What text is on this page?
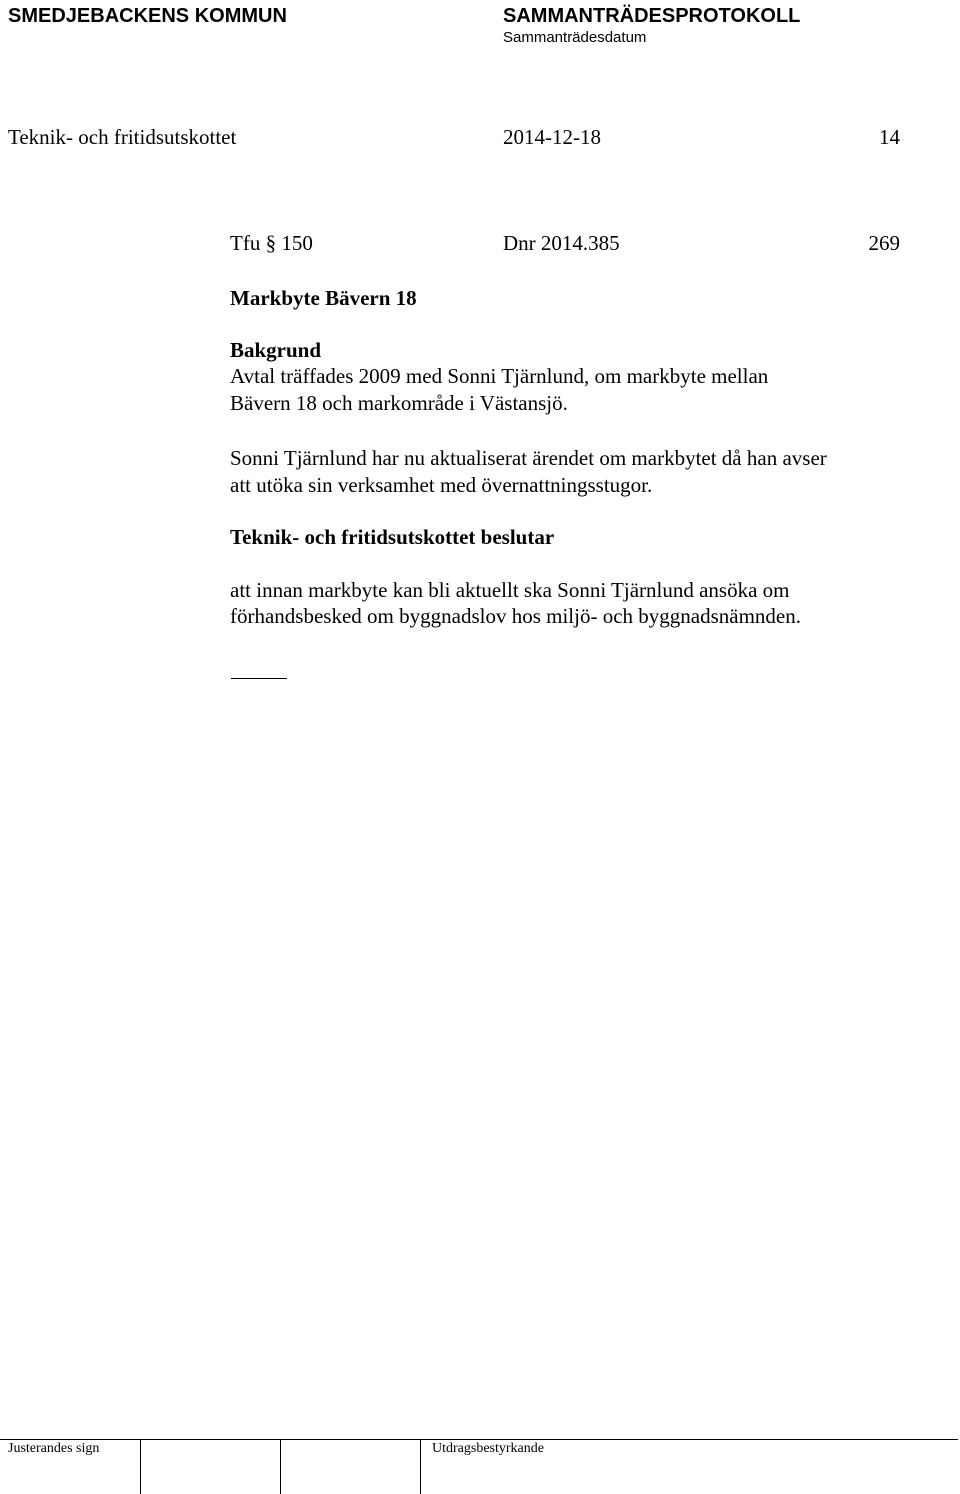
SMEDJEBACKENS KOMMUN	SAMMANTRÄDESPROTOKOLL
Sammanträdesdatum
Teknik- och fritidsutskottet	2014-12-18	14
Tfu § 150	Dnr 2014.385	269
Markbyte Bävern 18
Bakgrund
Avtal träffades 2009 med Sonni Tjärnlund, om markbyte mellan
Bävern 18 och markområde i Västansjö.
Sonni Tjärnlund har nu aktualiserat ärendet om markbytet då han avser
att utöka sin verksamhet med övernattningsstugor.
Teknik- och fritidsutskottet beslutar
att innan markbyte kan bli aktuellt ska Sonni Tjärnlund ansöka om
förhandsbesked om byggnadslov hos miljö- och byggnadsnämnden.
Justerandes sign	Utdragsbestyrkande
